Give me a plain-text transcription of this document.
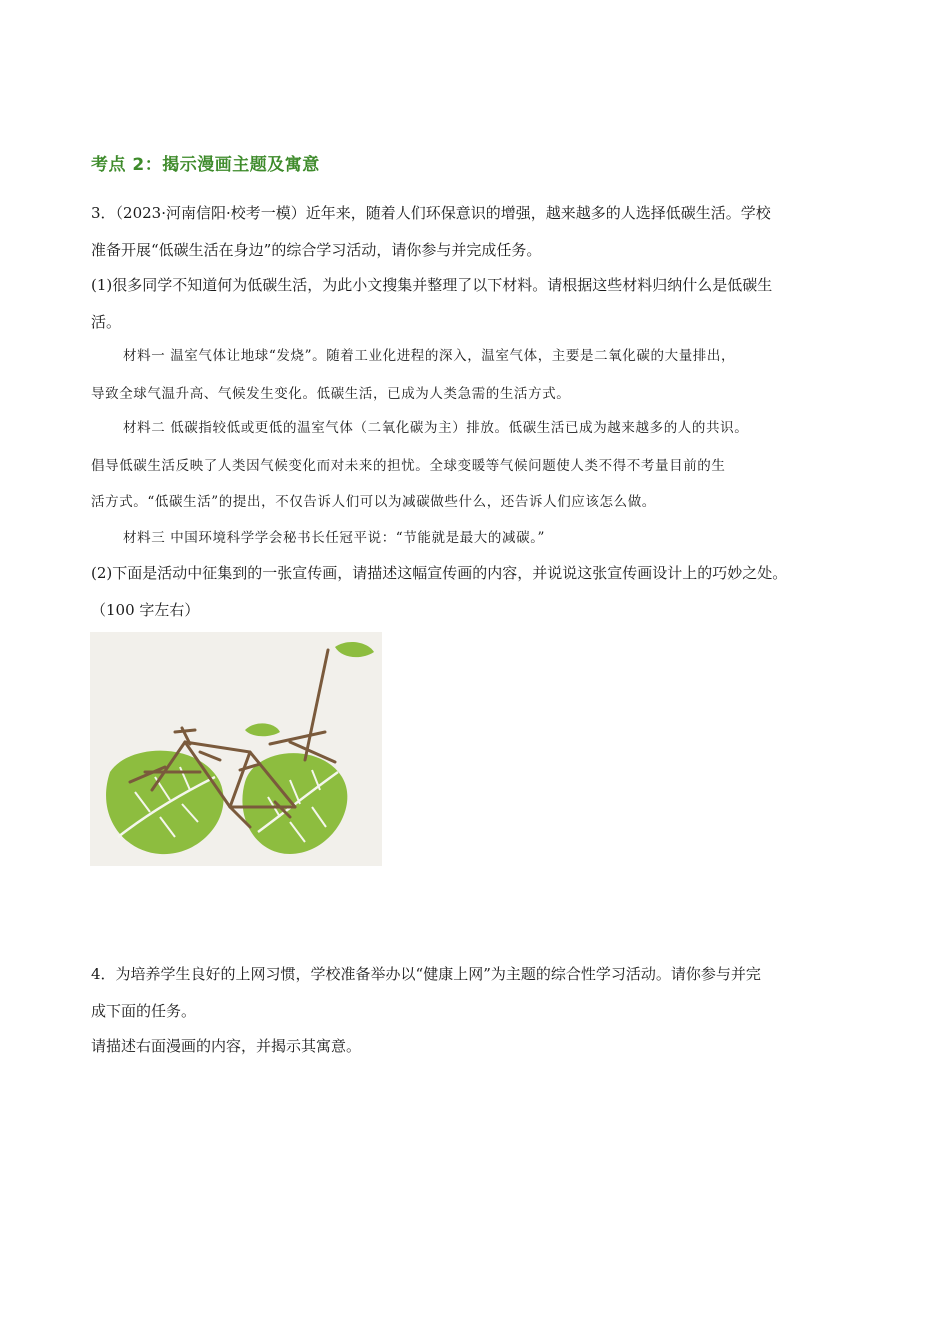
考点 2：揭示漫画主题及寓意
3．（2023·河南信阳·校考一模）近年来，随着人们环保意识的增强，越来越多的人选择低碳生活。学校
准备开展“低碳生活在身边”的综合学习活动，请你参与并完成任务。
(1)很多同学不知道何为低碳生活，为此小文搜集并整理了以下材料。请根据这些材料归纳什么是低碳生
活。
材料一 温室气体让地球“发烧”。随着工业化进程的深入，温室气体，主要是二氧化碳的大量排出，
导致全球气温升高、气候发生变化。低碳生活，已成为人类急需的生活方式。
材料二 低碳指较低或更低的温室气体（二氧化碳为主）排放。低碳生活已成为越来越多的人的共识。
倡导低碳生活反映了人类因气候变化而对未来的担忧。全球变暖等气候问题使人类不得不考量目前的生
活方式。“低碳生活”的提出，不仅告诉人们可以为减碳做些什么，还告诉人们应该怎么做。
材料三 中国环境科学学会秘书长任冠平说：“节能就是最大的减碳。”
(2)下面是活动中征集到的一张宣传画，请描述这幅宣传画的内容，并说说这张宣传画设计上的巧妙之处。
（100 字左右）
4．为培养学生良好的上网习惯，学校准备举办以“健康上网”为主题的综合性学习活动。请你参与并完
成下面的任务。
请描述右面漫画的内容，并揭示其寓意。
